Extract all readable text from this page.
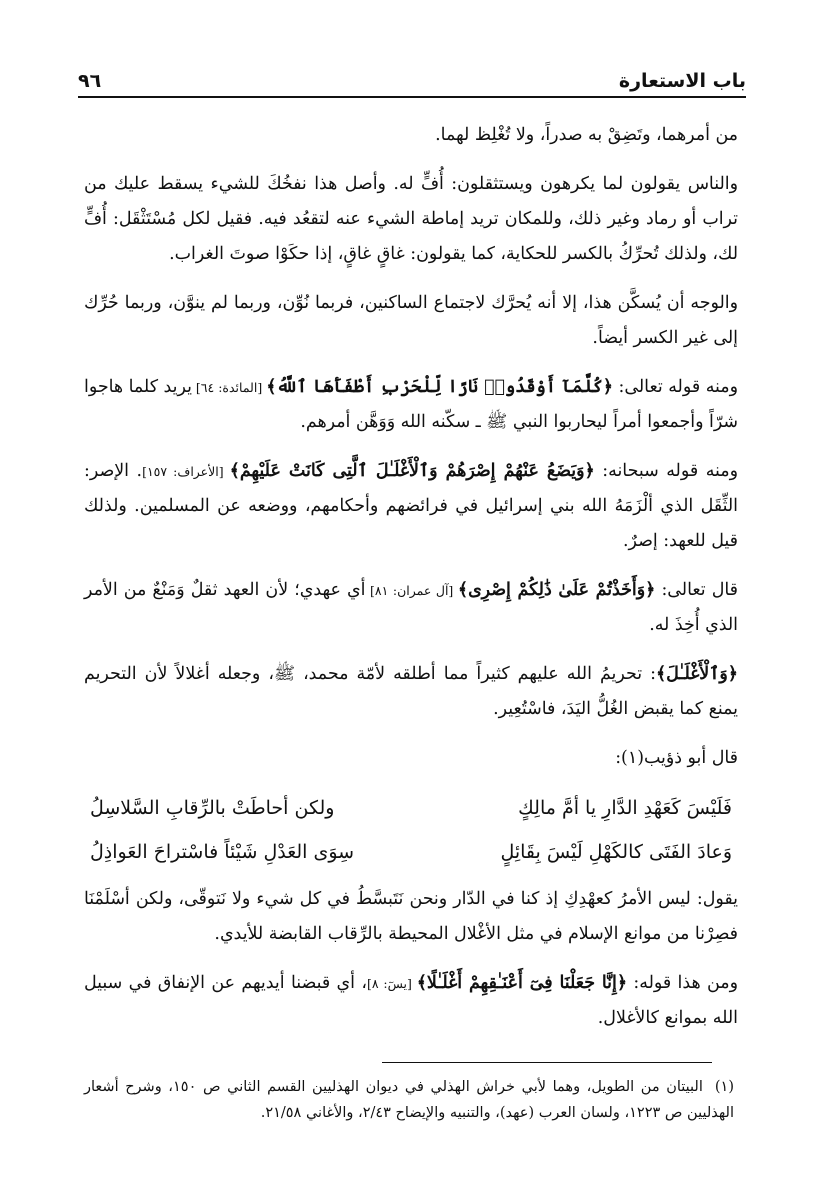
باب الاستعارة
٩٦

من أمرهما، وتَضِقْ به صدراً، ولا تُغْلِظ لهما.

والناس يقولون لما يكرهون ويستثقلون: أُفٍّ له. وأصل هذا نفخُكَ للشيء يسقط عليك من تراب أو رماد وغير ذلك، وللمكان تريد إماطة الشيء عنه لتقعُد فيه. فقيل لكل مُسْتَثْقَل: أُفٍّ لك، ولذلك تُحرِّكُ بالكسر للحكاية، كما يقولون: غاقٍ غاقٍ، إذا حكَوْا صوتَ الغراب.

والوجه أن يُسكَّن هذا، إلا أنه يُحرَّك لاجتماع الساكنين، فربما نُوِّن، وربما لم ينوَّن، وربما حُرِّك إلى غير الكسر أيضاً.

ومنه قوله تعالى: ﴿كُلَّمَآ أَوْقَدُوا۟ نَارًا لِّلْحَرْبِ أَطْفَأَهَا ٱللَّهُ﴾ [المائدة: ٦٤] يريد كلما هاجوا شرّاً وأجمعوا أمراً ليحاربوا النبي ﷺ ـ سكّنه الله وَوَهَّن أمرهم.

ومنه قوله سبحانه: ﴿وَيَضَعُ عَنْهُمْ إِصْرَهُمْ وَٱلْأَغْلَـٰلَ ٱلَّتِى كَانَتْ عَلَيْهِمْ﴾ [الأعراف: ١٥٧]. الإصر: الثِّقَل الذي ألْزَمَهُ الله بني إسرائيل في فرائضهم وأحكامهم، ووضعه عن المسلمين. ولذلك قيل للعهد: إصرٌ.

قال تعالى: ﴿وَأَخَذْتُمْ عَلَىٰ ذَٰلِكُمْ إِصْرِى﴾ [آل عمران: ٨١] أي عهدي؛ لأن العهد ثقلٌ وَمَنْعٌ من الأمر الذي أُخِذَ له.

﴿وَٱلْأَغْلَـٰلَ﴾: تحريمُ الله عليهم كثيراً مما أطلقه لأمّة محمد، ﷺ، وجعله أغلالاً لأن التحريم يمنع كما يقبض الغُلُّ اليَدَ، فاسْتُعِير.

قال أبو ذؤيب(١):

فَلَيْسَ كَعَهْدِ الدَّارِ يا أمَّ مالِكٍ
ولكن أحاطَتْ بالرِّقابِ السَّلاسِلُ
وَعادَ الفَتَى كالكَهْلِ لَيْسَ بِقَائِلٍ
سِوَى العَدْلِ شَيْئاً فاسْتراحَ العَواذِلُ

يقول: ليس الأمرُ كعهْدِكِ إذ كنا في الدّار ونحن نَتَبسَّطُ في كل شيء ولا نَتوقّى، ولكن أسْلَمْنَا فصِرْنا من موانع الإسلام في مثل الأغْلال المحيطة بالرِّقاب القابضة للأيدي.

ومن هذا قوله: ﴿إِنَّا جَعَلْنَا فِىٓ أَعْنَـٰقِهِمْ أَغْلَـٰلًا﴾ [يسٓ: ٨]، أي قبضنا أيديهم عن الإنفاق في سبيل الله بموانع كالأغلال.

(١)البيتان من الطويل، وهما لأبي خراش الهذلي في ديوان الهذليين القسم الثاني ص ١٥٠، وشرح أشعار الهذليين ص ١٢٢٣، ولسان العرب (عهد)، والتنبيه والإيضاح ٢/٤٣، والأغاني ٢١/٥٨.
